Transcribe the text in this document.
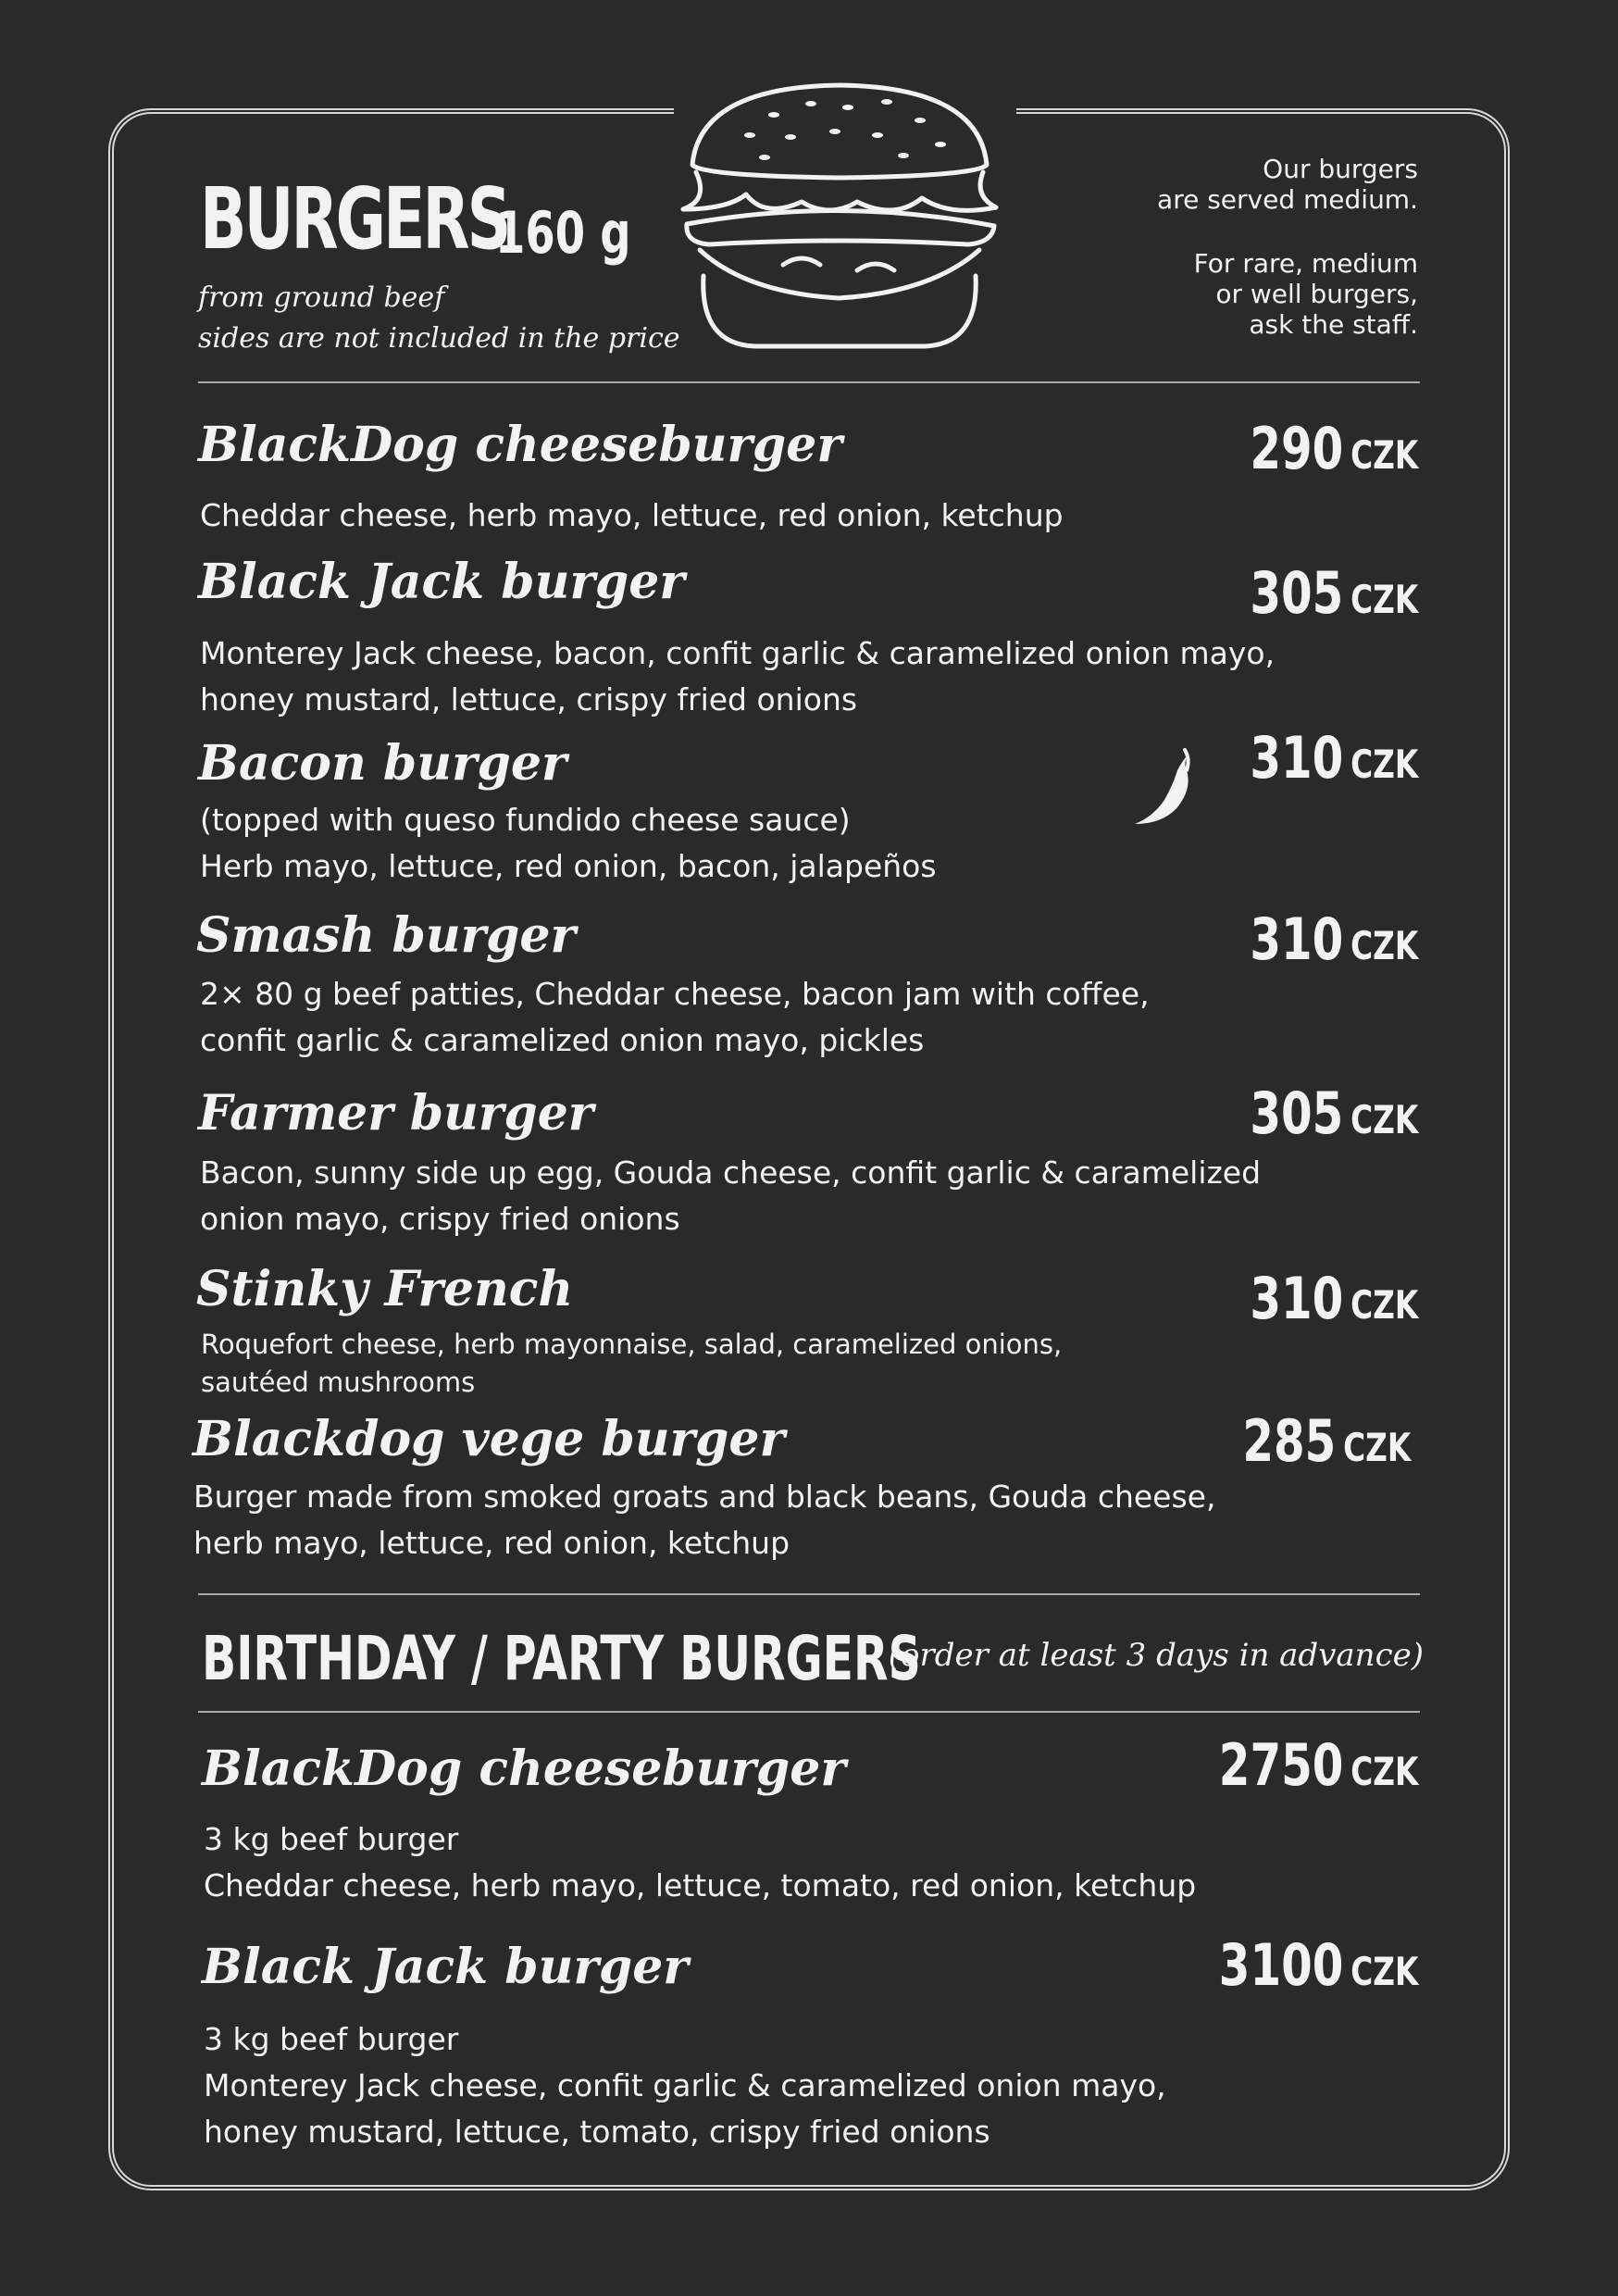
BURGERS
160 g
from ground beef
sides are not included in the price
Our burgers
are served medium.
For rare, medium
or well burgers,
ask the staff.
BlackDog cheeseburger	290 CZK
Cheddar cheese, herb mayo, lettuce, red onion, ketchup
Black Jack burger	305 CZK
Monterey Jack cheese, bacon, confit garlic & caramelized onion mayo,
honey mustard, lettuce, crispy fried onions
Bacon burger	310 CZK
(topped with queso fundido cheese sauce)
Herb mayo, lettuce, red onion, bacon, jalapeños
Smash burger	310 CZK
2× 80 g beef patties, Cheddar cheese, bacon jam with coffee,
confit garlic & caramelized onion mayo, pickles
Farmer burger	305 CZK
Bacon, sunny side up egg, Gouda cheese, confit garlic & caramelized
onion mayo, crispy fried onions
Stinky French	310 CZK
Roquefort cheese, herb mayonnaise, salad, caramelized onions,
sautéed mushrooms
Blackdog vege burger	285 CZK
Burger made from smoked groats and black beans, Gouda cheese,
herb mayo, lettuce, red onion, ketchup
BIRTHDAY / PARTY BURGERS
(order at least 3 days in advance)
BlackDog cheeseburger	2750 CZK
3 kg beef burger
Cheddar cheese, herb mayo, lettuce, tomato, red onion, ketchup
Black Jack burger	3100 CZK
3 kg beef burger
Monterey Jack cheese, confit garlic & caramelized onion mayo,
honey mustard, lettuce, tomato, crispy fried onions
